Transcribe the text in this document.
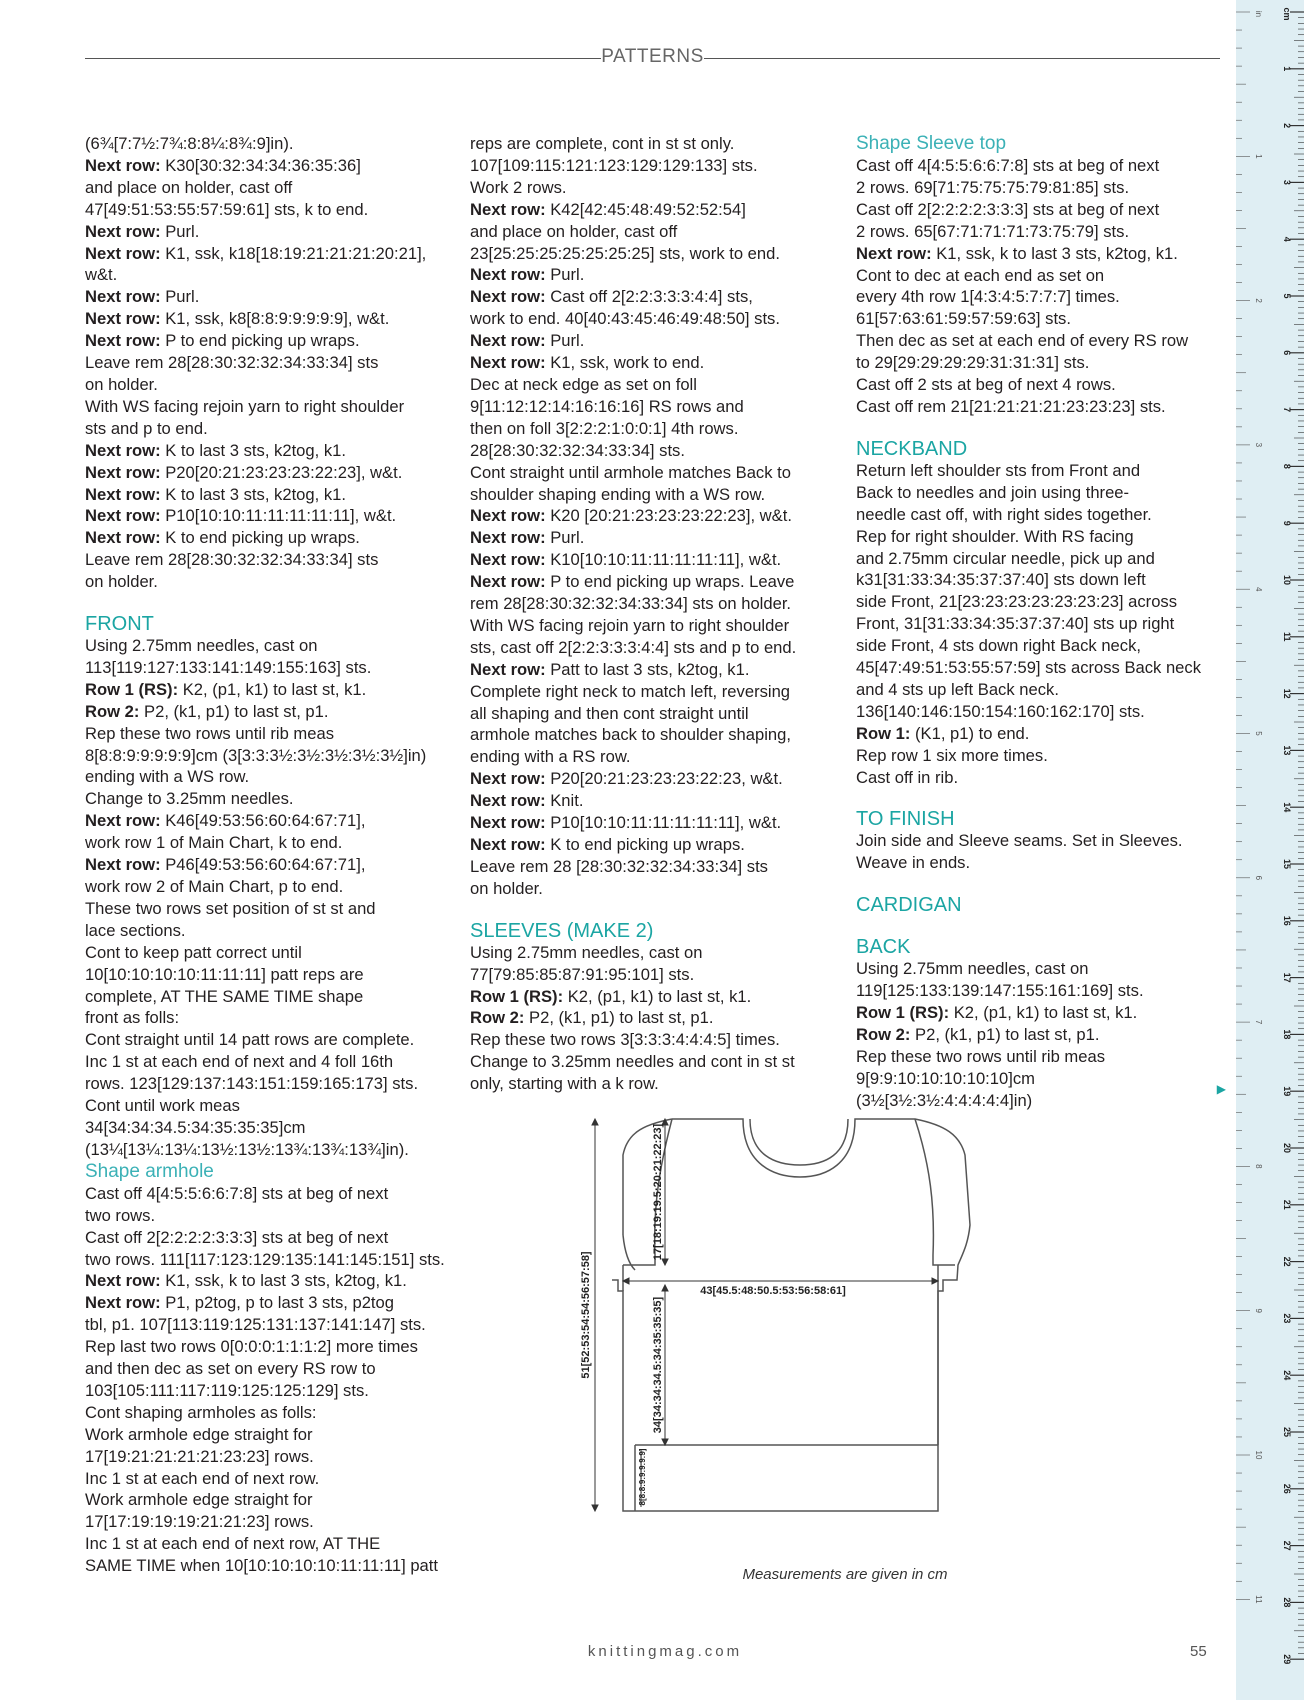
PATTERNS

(6¾[7:7½:7¾:8:8¼:8¾:9]in).

Next row: K30[30:32:34:34:36:35:36]

and place on holder, cast off

47[49:51:53:55:57:59:61] sts, k to end.

Next row: Purl.

Next row: K1, ssk, k18[18:19:21:21:21:20:21],

w&t.

Next row: Purl.

Next row: K1, ssk, k8[8:8:9:9:9:9:9], w&t.

Next row: P to end picking up wraps.

Leave rem 28[28:30:32:32:34:33:34] sts

on holder.

With WS facing rejoin yarn to right shoulder

sts and p to end.

Next row: K to last 3 sts, k2tog, k1.

Next row: P20[20:21:23:23:23:22:23], w&t.

Next row: K to last 3 sts, k2tog, k1.

Next row: P10[10:10:11:11:11:11:11], w&t.

Next row: K to end picking up wraps.

Leave rem 28[28:30:32:32:34:33:34] sts

on holder.

FRONT

Using 2.75mm needles, cast on

113[119:127:133:141:149:155:163] sts.

Row 1 (RS): K2, (p1, k1) to last st, k1.

Row 2: P2, (k1, p1) to last st, p1.

Rep these two rows until rib meas

8[8:8:9:9:9:9:9]cm (3[3:3:3½:3½:3½:3½:3½]in)

ending with a WS row.

Change to 3.25mm needles.

Next row: K46[49:53:56:60:64:67:71],

work row 1 of Main Chart, k to end.

Next row: P46[49:53:56:60:64:67:71],

work row 2 of Main Chart, p to end.

These two rows set position of st st and

lace sections.

Cont to keep patt correct until

10[10:10:10:10:11:11:11] patt reps are

complete, AT THE SAME TIME shape

front as folls:

Cont straight until 14 patt rows are complete.

Inc 1 st at each end of next and 4 foll 16th

rows. 123[129:137:143:151:159:165:173] sts.

Cont until work meas

34[34:34:34.5:34:35:35:35]cm

(13¼[13¼:13¼:13½:13½:13¾:13¾:13¾]in).

Shape armhole

Cast off 4[4:5:5:6:6:7:8] sts at beg of next

two rows.

Cast off 2[2:2:2:2:3:3:3] sts at beg of next

two rows. 111[117:123:129:135:141:145:151] sts.

Next row: K1, ssk, k to last 3 sts, k2tog, k1.

Next row: P1, p2tog, p to last 3 sts, p2tog

tbl, p1. 107[113:119:125:131:137:141:147] sts.

Rep last two rows 0[0:0:0:1:1:1:2] more times

and then dec as set on every RS row to

103[105:111:117:119:125:125:129] sts.

Cont shaping armholes as folls:

Work armhole edge straight for

17[19:21:21:21:21:23:23] rows.

Inc 1 st at each end of next row.

Work armhole edge straight for

17[17:19:19:19:21:21:23] rows.

Inc 1 st at each end of next row, AT THE

SAME TIME when 10[10:10:10:10:11:11:11] patt

reps are complete, cont in st st only.

107[109:115:121:123:129:129:133] sts.

Work 2 rows.

Next row: K42[42:45:48:49:52:52:54]

and place on holder, cast off

23[25:25:25:25:25:25:25] sts, work to end.

Next row: Purl.

Next row: Cast off 2[2:2:3:3:3:4:4] sts,

work to end. 40[40:43:45:46:49:48:50] sts.

Next row: Purl.

Next row: K1, ssk, work to end.

Dec at neck edge as set on foll

9[11:12:12:14:16:16:16] RS rows and

then on foll 3[2:2:2:1:0:0:1] 4th rows.

28[28:30:32:32:34:33:34] sts.

Cont straight until armhole matches Back to

shoulder shaping ending with a WS row.

Next row: K20 [20:21:23:23:23:22:23], w&t.

Next row: Purl.

Next row: K10[10:10:11:11:11:11:11], w&t.

Next row: P to end picking up wraps. Leave

rem 28[28:30:32:32:34:33:34] sts on holder.

With WS facing rejoin yarn to right shoulder

sts, cast off 2[2:2:3:3:3:4:4] sts and p to end.

Next row: Patt to last 3 sts, k2tog, k1.

Complete right neck to match left, reversing

all shaping and then cont straight until

armhole matches back to shoulder shaping,

ending with a RS row.

Next row: P20[20:21:23:23:23:22:23, w&t.

Next row: Knit.

Next row: P10[10:10:11:11:11:11:11], w&t.

Next row: K to end picking up wraps.

Leave rem 28 [28:30:32:32:34:33:34] sts

on holder.

SLEEVES (MAKE 2)

Using 2.75mm needles, cast on

77[79:85:85:87:91:95:101] sts.

Row 1 (RS): K2, (p1, k1) to last st, k1.

Row 2: P2, (k1, p1) to last st, p1.

Rep these two rows 3[3:3:3:4:4:4:5] times.

Change to 3.25mm needles and cont in st st

only, starting with a k row.

Shape Sleeve top

Cast off 4[4:5:5:6:6:7:8] sts at beg of next

2 rows. 69[71:75:75:75:79:81:85] sts.

Cast off 2[2:2:2:2:3:3:3] sts at beg of next

2 rows. 65[67:71:71:71:73:75:79] sts.

Next row: K1, ssk, k to last 3 sts, k2tog, k1.

Cont to dec at each end as set on

every 4th row 1[4:3:4:5:7:7:7] times.

61[57:63:61:59:57:59:63] sts.

Then dec as set at each end of every RS row

to 29[29:29:29:29:31:31:31] sts.

Cast off 2 sts at beg of next 4 rows.

Cast off rem 21[21:21:21:21:23:23:23] sts.

NECKBAND

Return left shoulder sts from Front and

Back to needles and join using three-

needle cast off, with right sides together.

Rep for right shoulder. With RS facing

and 2.75mm circular needle, pick up and

k31[31:33:34:35:37:37:40] sts down left

side Front, 21[23:23:23:23:23:23:23] across

Front, 31[31:33:34:35:37:37:40] sts up right

side Front, 4 sts down right Back neck,

45[47:49:51:53:55:57:59] sts across Back neck

and 4 sts up left Back neck.

136[140:146:150:154:160:162:170] sts.

Row 1: (K1, p1) to end.

Rep row 1 six more times.

Cast off in rib.

TO FINISH

Join side and Sleeve seams. Set in Sleeves.

Weave in ends.

CARDIGAN

BACK

Using 2.75mm needles, cast on

119[125:133:139:147:155:161:169] sts.

Row 1 (RS): K2, (p1, k1) to last st, k1.

Row 2: P2, (k1, p1) to last st, p1.

Rep these two rows until rib meas

9[9:9:10:10:10:10:10]cm (3½[3½:3½:4:4:4:4:4]in)
▶

43[45.5:48:50.5:53:56:58:61]
51[52:53:54:54:56:57:58]
17[18:19:19.5:20:21:22:23]
34[34:34:34.5:34:35:35:35]
8[8:8:9:9:9:9:9]
Measurements are given in cm
knittingmag.com	55
cm
1
2
3
4
5
6
7
8
9
10
11
12
13
14
15
16
17
18
19
20
21
22
23
24
25
26
27
28
29
in
1
2
3
4
5
6
7
8
9
10
11
